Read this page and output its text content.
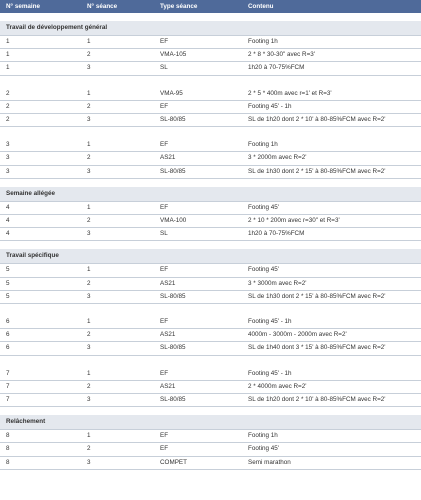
N° semaine	N° séance	Type séance	Contenu

Travail de développement général			
1	1	EF	Footing 1h
1	2	VMA-105	2 * 8 * 30-30" avec R=3'
1	3	SL	1h20 à 70-75%FCM

2	1	VMA-95	2 * 5 * 400m avec r=1' et R=3'
2	2	EF	Footing 45' - 1h
2	3	SL-80/85	SL de 1h20 dont 2 * 10' à 80-85%FCM avec R=2'

3	1	EF	Footing 1h
3	2	AS21	3 * 2000m avec R=2'
3	3	SL-80/85	SL de 1h30 dont 2 * 15' à 80-85%FCM avec R=2'

Semaine allégée			
4	1	EF	Footing 45'
4	2	VMA-100	2 * 10 * 200m avec r=30" et R=3'
4	3	SL	1h20 à 70-75%FCM

Travail spécifique			
5	1	EF	Footing 45'
5	2	AS21	3 * 3000m avec R=2'
5	3	SL-80/85	SL de 1h30 dont 2 * 15' à 80-85%FCM avec R=2'

6	1	EF	Footing 45' - 1h
6	2	AS21	4000m - 3000m - 2000m avec R=2'
6	3	SL-80/85	SL de 1h40 dont 3 * 15' à 80-85%FCM avec R=2'

7	1	EF	Footing 45' - 1h
7	2	AS21	2 * 4000m avec R=2'
7	3	SL-80/85	SL de 1h20 dont 2 * 10' à 80-85%FCM avec R=2'

Relâchement			
8	1	EF	Footing 1h
8	2	EF	Footing 45'
8	3	COMPET	Semi marathon
